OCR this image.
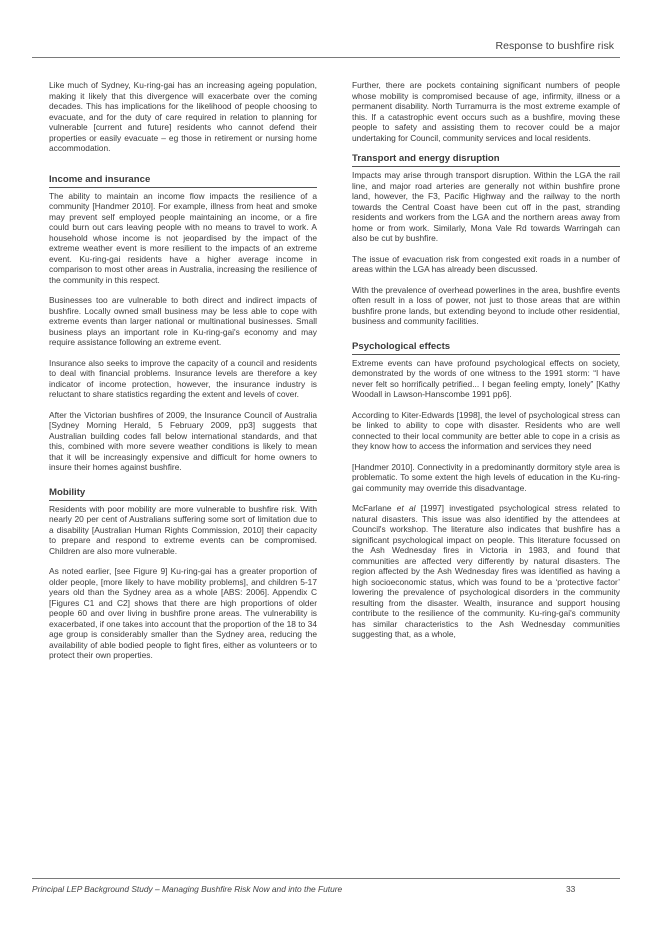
Response to bushfire risk

Like much of Sydney, Ku-ring-gai has an increasing ageing population, making it likely that this divergence will exacerbate over the coming decades. This has implications for the likelihood of people choosing to evacuate, and for the duty of care required in relation to planning for vulnerable [current and future] residents who cannot defend their properties or easily evacuate – eg those in retirement or nursing home accommodation.

Income and insurance

The ability to maintain an income flow impacts the resilience of a community [Handmer 2010]. For example, illness from heat and smoke may prevent self employed people maintaining an income, or a fire could burn out cars leaving people with no means to travel to work. A household whose income is not jeopardised by the impact of the extreme weather event is more resilient to the impacts of an extreme event. Ku-ring-gai residents have a higher average income in comparison to most other areas in Australia, increasing the resilience of the community in this respect.

Businesses too are vulnerable to both direct and indirect impacts of bushfire. Locally owned small business may be less able to cope with extreme events than larger national or multinational businesses. Small business plays an important role in Ku-ring-gai's economy and may require assistance following an extreme event.

Insurance also seeks to improve the capacity of a council and residents to deal with financial problems. Insurance levels are therefore a key indicator of income protection, however, the insurance industry is reluctant to share statistics regarding the extent and levels of cover.

After the Victorian bushfires of 2009, the Insurance Council of Australia [Sydney Morning Herald, 5 February 2009, pp3] suggests that Australian building codes fall below international standards, and that this, combined with more severe weather conditions is likely to mean that it will be increasingly expensive and difficult for home owners to insure their homes against bushfire.

Mobility

Residents with poor mobility are more vulnerable to bushfire risk. With nearly 20 per cent of Australians suffering some sort of limitation due to a disability [Australian Human Rights Commission, 2010] their capacity to prepare and respond to extreme events can be compromised. Children are also more vulnerable.

As noted earlier, [see Figure 9] Ku-ring-gai has a greater proportion of older people, [more likely to have mobility problems], and children 5-17 years old than the Sydney area as a whole [ABS: 2006]. Appendix C [Figures C1 and C2] shows that there are high proportions of older people 60 and over living in bushfire prone areas. The vulnerability is exacerbated, if one takes into account that the proportion of the 18 to 34 age group is considerably smaller than the Sydney area, reducing the availability of able bodied people to fight fires, either as volunteers or to protect their own properties.

Further, there are pockets containing significant numbers of people whose mobility is compromised because of age, infirmity, illness or a permanent disability. North Turramurra is the most extreme example of this. If a catastrophic event occurs such as a bushfire, moving these people to safety and assisting them to recover could be a major undertaking for Council, community services and local residents.

Transport and energy disruption

Impacts may arise through transport disruption. Within the LGA the rail line, and major road arteries are generally not within bushfire prone land, however, the F3, Pacific Highway and the railway to the north towards the Central Coast have been cut off in the past, stranding residents and workers from the LGA and the northern areas away from home or from work. Similarly, Mona Vale Rd towards Warringah can also be cut by bushfire.

The issue of evacuation risk from congested exit roads in a number of areas within the LGA has already been discussed.

With the prevalence of overhead powerlines in the area, bushfire events often result in a loss of power, not just to those areas that are within bushfire prone lands, but extending beyond to include other residential, business and community facilities.

Psychological effects

Extreme events can have profound psychological effects on society, demonstrated by the words of one witness to the 1991 storm: “I have never felt so horrifically petrified... I began feeling empty, lonely” [Kathy Woodall in Lawson-Hanscombe 1991 pp6].

According to Kiter-Edwards [1998], the level of psychological stress can be linked to ability to cope with disaster. Residents who are well connected to their local community are better able to cope in a crisis as they know how to access the information and services they need

[Handmer 2010]. Connectivity in a predominantly dormitory style area is problematic. To some extent the high levels of education in the Ku-ring-gai community may override this disadvantage.

McFarlane et al [1997] investigated psychological stress related to natural disasters. This issue was also identified by the attendees at Council's workshop. The literature also indicates that bushfire has a significant psychological impact on people. This literature focussed on the Ash Wednesday fires in Victoria in 1983, and found that communities are affected very differently by natural disasters. The region affected by the Ash Wednesday fires was identified as having a high socioeconomic status, which was found to be a ‘protective factor’ lowering the prevalence of psychological disorders in the community resulting from the disaster. Wealth, insurance and support housing contribute to the resilience of the community. Ku-ring-gai's community has similar characteristics to the Ash Wednesday communities suggesting that, as a whole,

Principal LEP Background Study – Managing Bushfire Risk Now and into the Future	33
